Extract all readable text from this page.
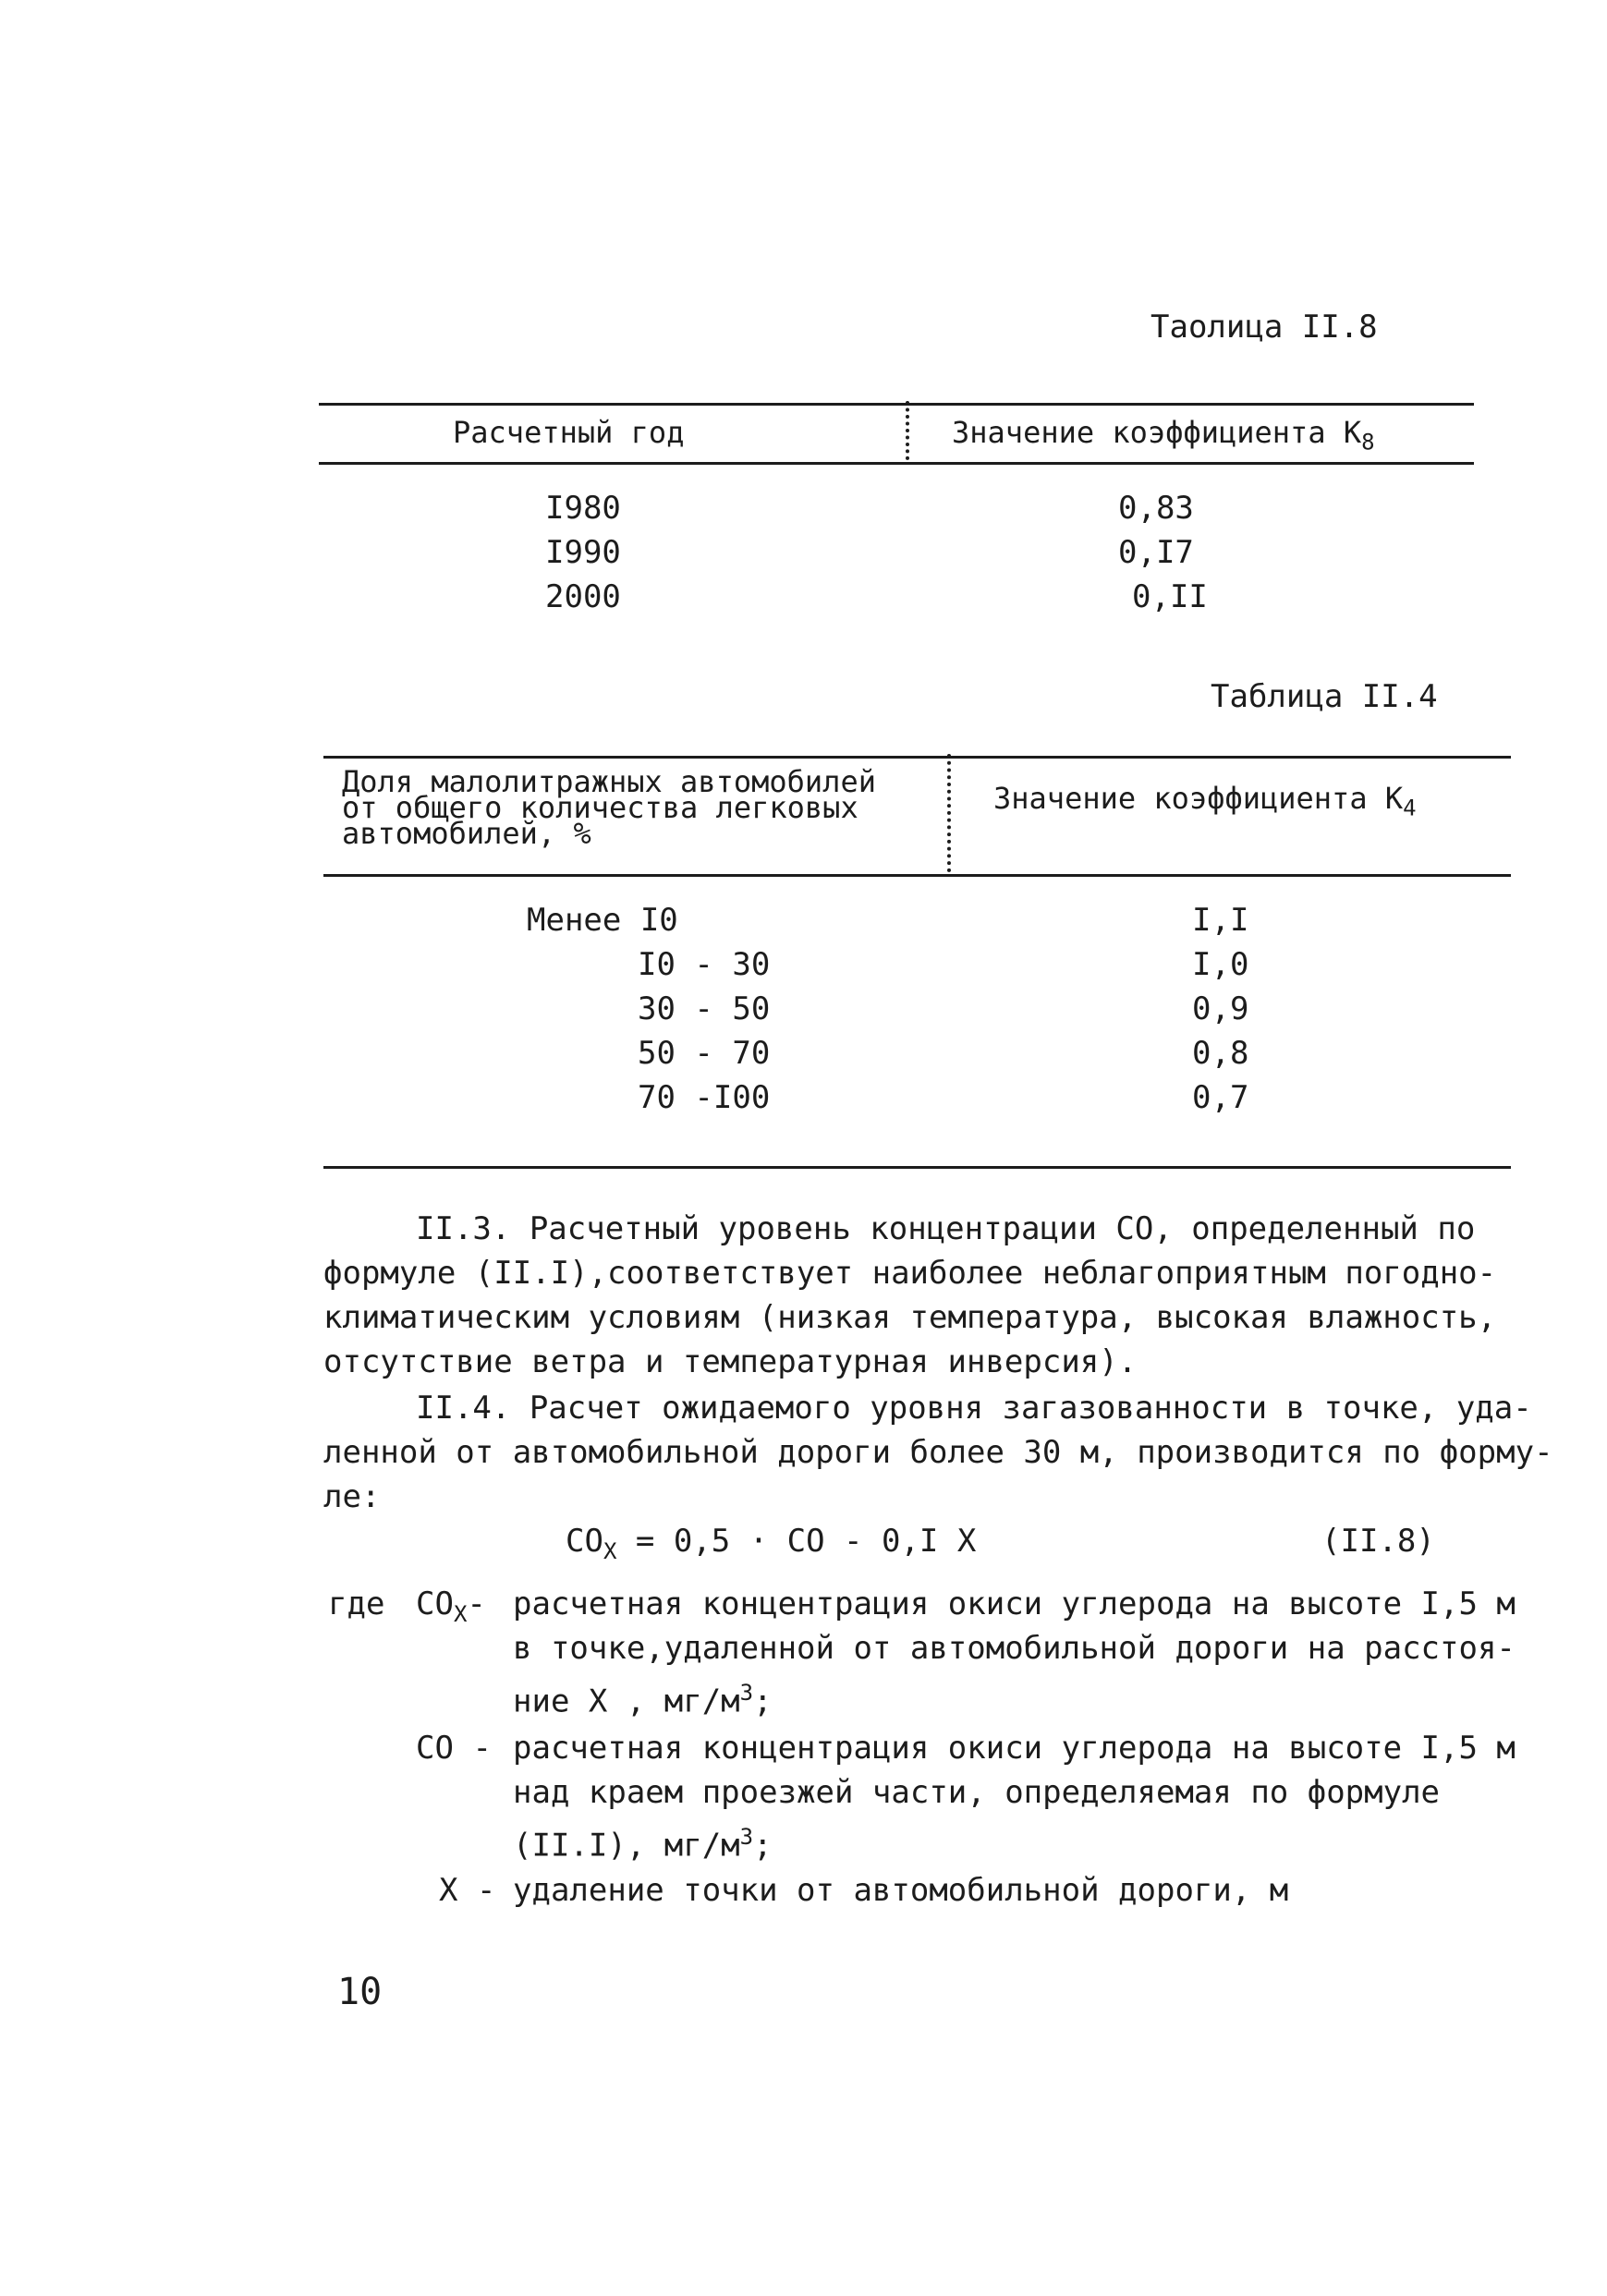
Таолица II.8
Расчетный год	Значение коэффициента $К_8$
I980	0,83
I990	0,I7
2000	0,II
Таблица II.4
Доля малолитражных автомобилей
от общего количества легковых
автомобилей, %
Значение коэффициента $К_4$
Менее I0	I,I
I0 - 30	I,0
30 - 50	0,9
50 - 70	0,8
70 -I00	0,7
II.3. Расчетный уровень концентрации СО, определенный по
формуле (II.I),соответствует наиболее неблагоприятным погодно-
климатическим условиям (низкая температура, высокая влажность,
отсутствие ветра и температурная инверсия).
II.4. Расчет ожидаемого уровня загазованности в точке, уда-
ленной от автомобильной дороги более 30 м, производится по форму-
ле:
$CO_X = 0,5$ · CO - 0,I X	(II.8)
где $CO_X-$ расчетная концентрация окиси углерода на высоте I,5 м
в точке,удаленной от автомобильной дороги на расстоя-
ние X , $мг/м^3$;
CO - расчетная концентрация окиси углерода на высоте I,5 м
над краем проезжей части, определяемая по формуле
(II.I), $мг/м^3$;
X - удаление точки от автомобильной дороги, м
10
